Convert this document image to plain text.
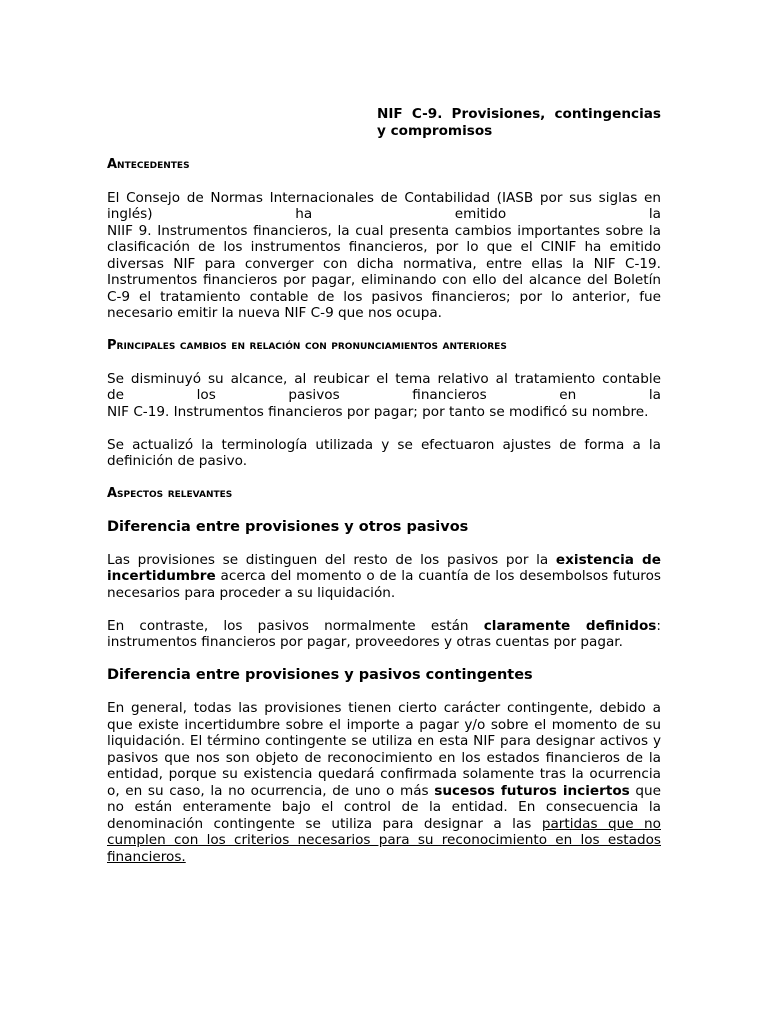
NIF C-9. Provisiones, contingencias y compromisos
Antecedentes
El Consejo de Normas Internacionales de Contabilidad (IASB por sus siglas en
inglés) ha emitido la
NIIF 9. Instrumentos financieros, la cual presenta cambios importantes sobre la clasificación de los instrumentos financieros, por lo que el CINIF ha emitido diversas NIF para converger con dicha normativa, entre ellas la NIF C-19. Instrumentos financieros por pagar, eliminando con ello del alcance del Boletín C-9 el tratamiento contable de los pasivos financieros; por lo anterior, fue necesario emitir la nueva NIF C-9 que nos ocupa.
Principales cambios en relación con pronunciamientos anteriores
Se disminuyó su alcance, al reubicar el tema relativo al tratamiento contable
de los pasivos financieros en la
NIF C-19. Instrumentos financieros por pagar; por tanto se modificó su nombre.
Se actualizó la terminología utilizada y se efectuaron ajustes de forma a la definición de pasivo.
Aspectos relevantes
Diferencia entre provisiones y otros pasivos
Las provisiones se distinguen del resto de los pasivos por la existencia de incertidumbre acerca del momento o de la cuantía de los desembolsos futuros necesarios para proceder a su liquidación.
En contraste, los pasivos normalmente están claramente definidos: instrumentos financieros por pagar, proveedores y otras cuentas por pagar.
Diferencia entre provisiones y pasivos contingentes
En general, todas las provisiones tienen cierto carácter contingente, debido a que existe incertidumbre sobre el importe a pagar y/o sobre el momento de su liquidación. El término contingente se utiliza en esta NIF para designar activos y pasivos que nos son objeto de reconocimiento en los estados financieros de la entidad, porque su existencia quedará confirmada solamente tras la ocurrencia o, en su caso, la no ocurrencia, de uno o más sucesos futuros inciertos que no están enteramente bajo el control de la entidad. En consecuencia la denominación contingente se utiliza para designar a las partidas que no cumplen con los criterios necesarios para su reconocimiento en los estados financieros.
